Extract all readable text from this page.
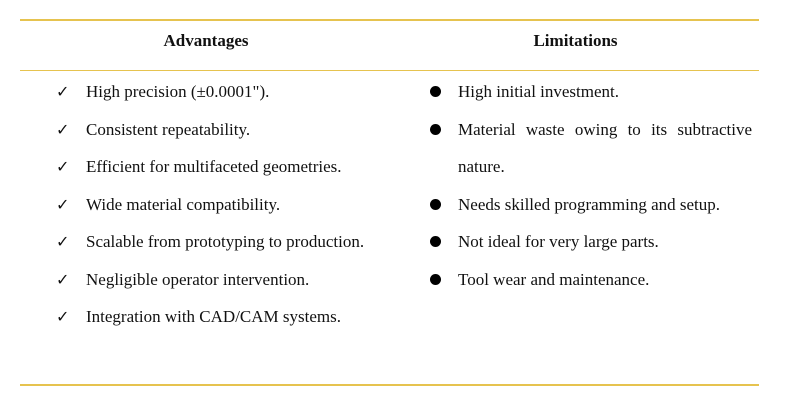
Advantages	Limitations
✓ High precision (±0.0001").
✓ Consistent repeatability.
✓ Efficient for multifaceted geometries.
✓ Wide material compatibility.
✓ Scalable from prototyping to production.
✓ Negligible operator intervention.
✓ Integration with CAD/CAM systems.
High initial investment.
Material waste owing to its subtractive nature.
Needs skilled programming and setup.
Not ideal for very large parts.
Tool wear and maintenance.
